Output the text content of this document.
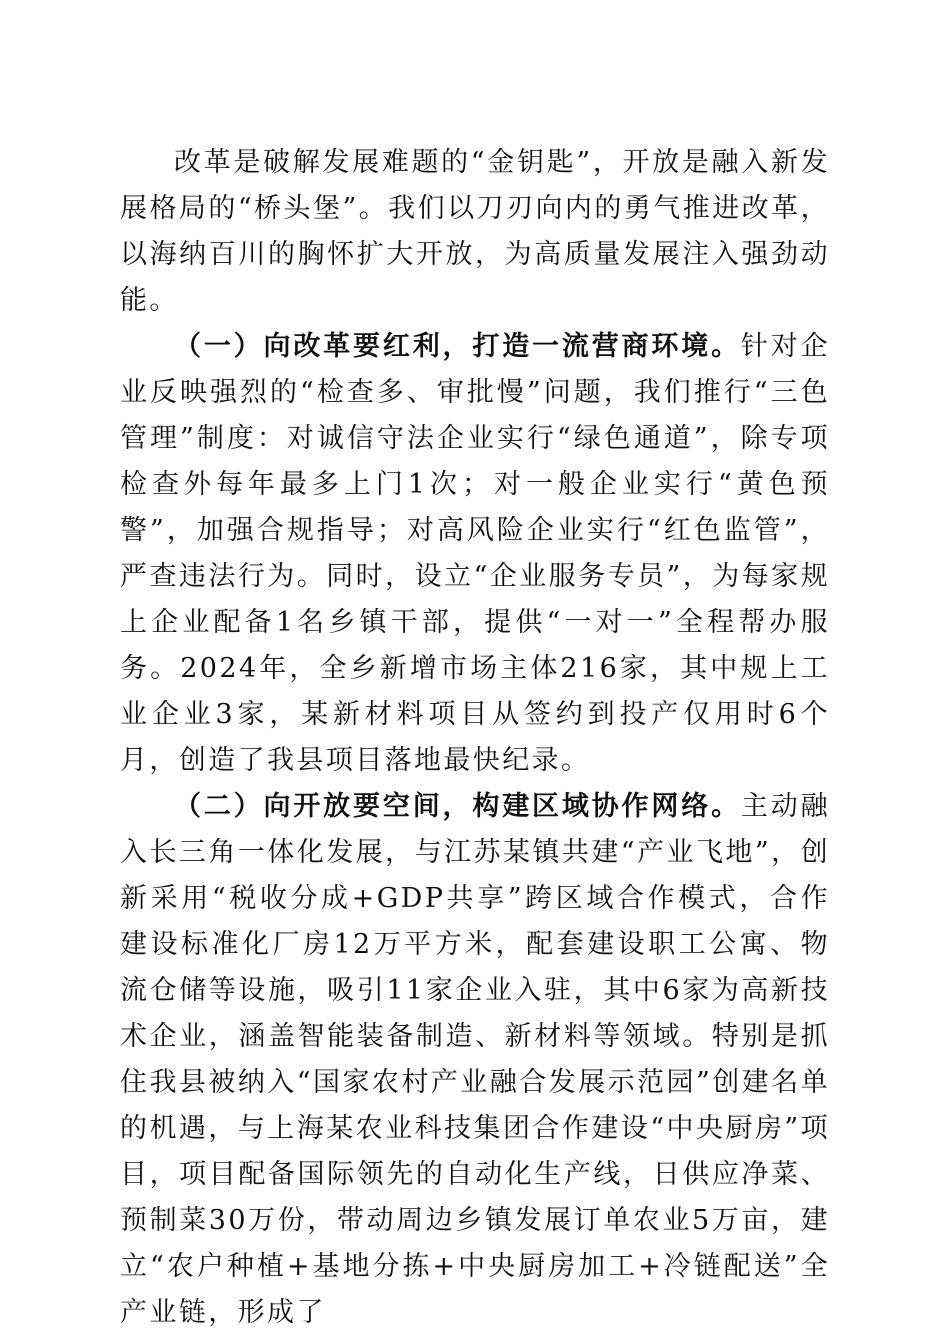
改革是破解发展难题的“金钥匙”，开放是融入新发展格局的“桥头堡”。我们以刀刃向内的勇气推进改革，以海纳百川的胸怀扩大开放，为高质量发展注入强劲动能。

（一）向改革要红利，打造一流营商环境。针对企业反映强烈的“检查多、审批慢”问题，我们推行“三色管理”制度：对诚信守法企业实行“绿色通道”，除专项检查外每年最多上门1次；对一般企业实行“黄色预警”，加强合规指导；对高风险企业实行“红色监管”，严查违法行为。同时，设立“企业服务专员”，为每家规上企业配备1名乡镇干部，提供“一对一”全程帮办服务。2024年，全乡新增市场主体216家，其中规上工业企业3家，某新材料项目从签约到投产仅用时6个月，创造了我县项目落地最快纪录。

（二）向开放要空间，构建区域协作网络。主动融入长三角一体化发展，与江苏某镇共建“产业飞地”，创新采用“税收分成+GDP共享”跨区域合作模式，合作建设标准化厂房12万平方米，配套建设职工公寓、物流仓储等设施，吸引11家企业入驻，其中6家为高新技术企业，涵盖智能装备制造、新材料等领域。特别是抓住我县被纳入“国家农村产业融合发展示范园”创建名单的机遇，与上海某农业科技集团合作建设“中央厨房”项目，项目配备国际领先的自动化生产线，日供应净菜、预制菜30万份，带动周边乡镇发展订单农业5万亩，建立“农户种植+基地分拣+中央厨房加工+冷链配送”全产业链，形成了
